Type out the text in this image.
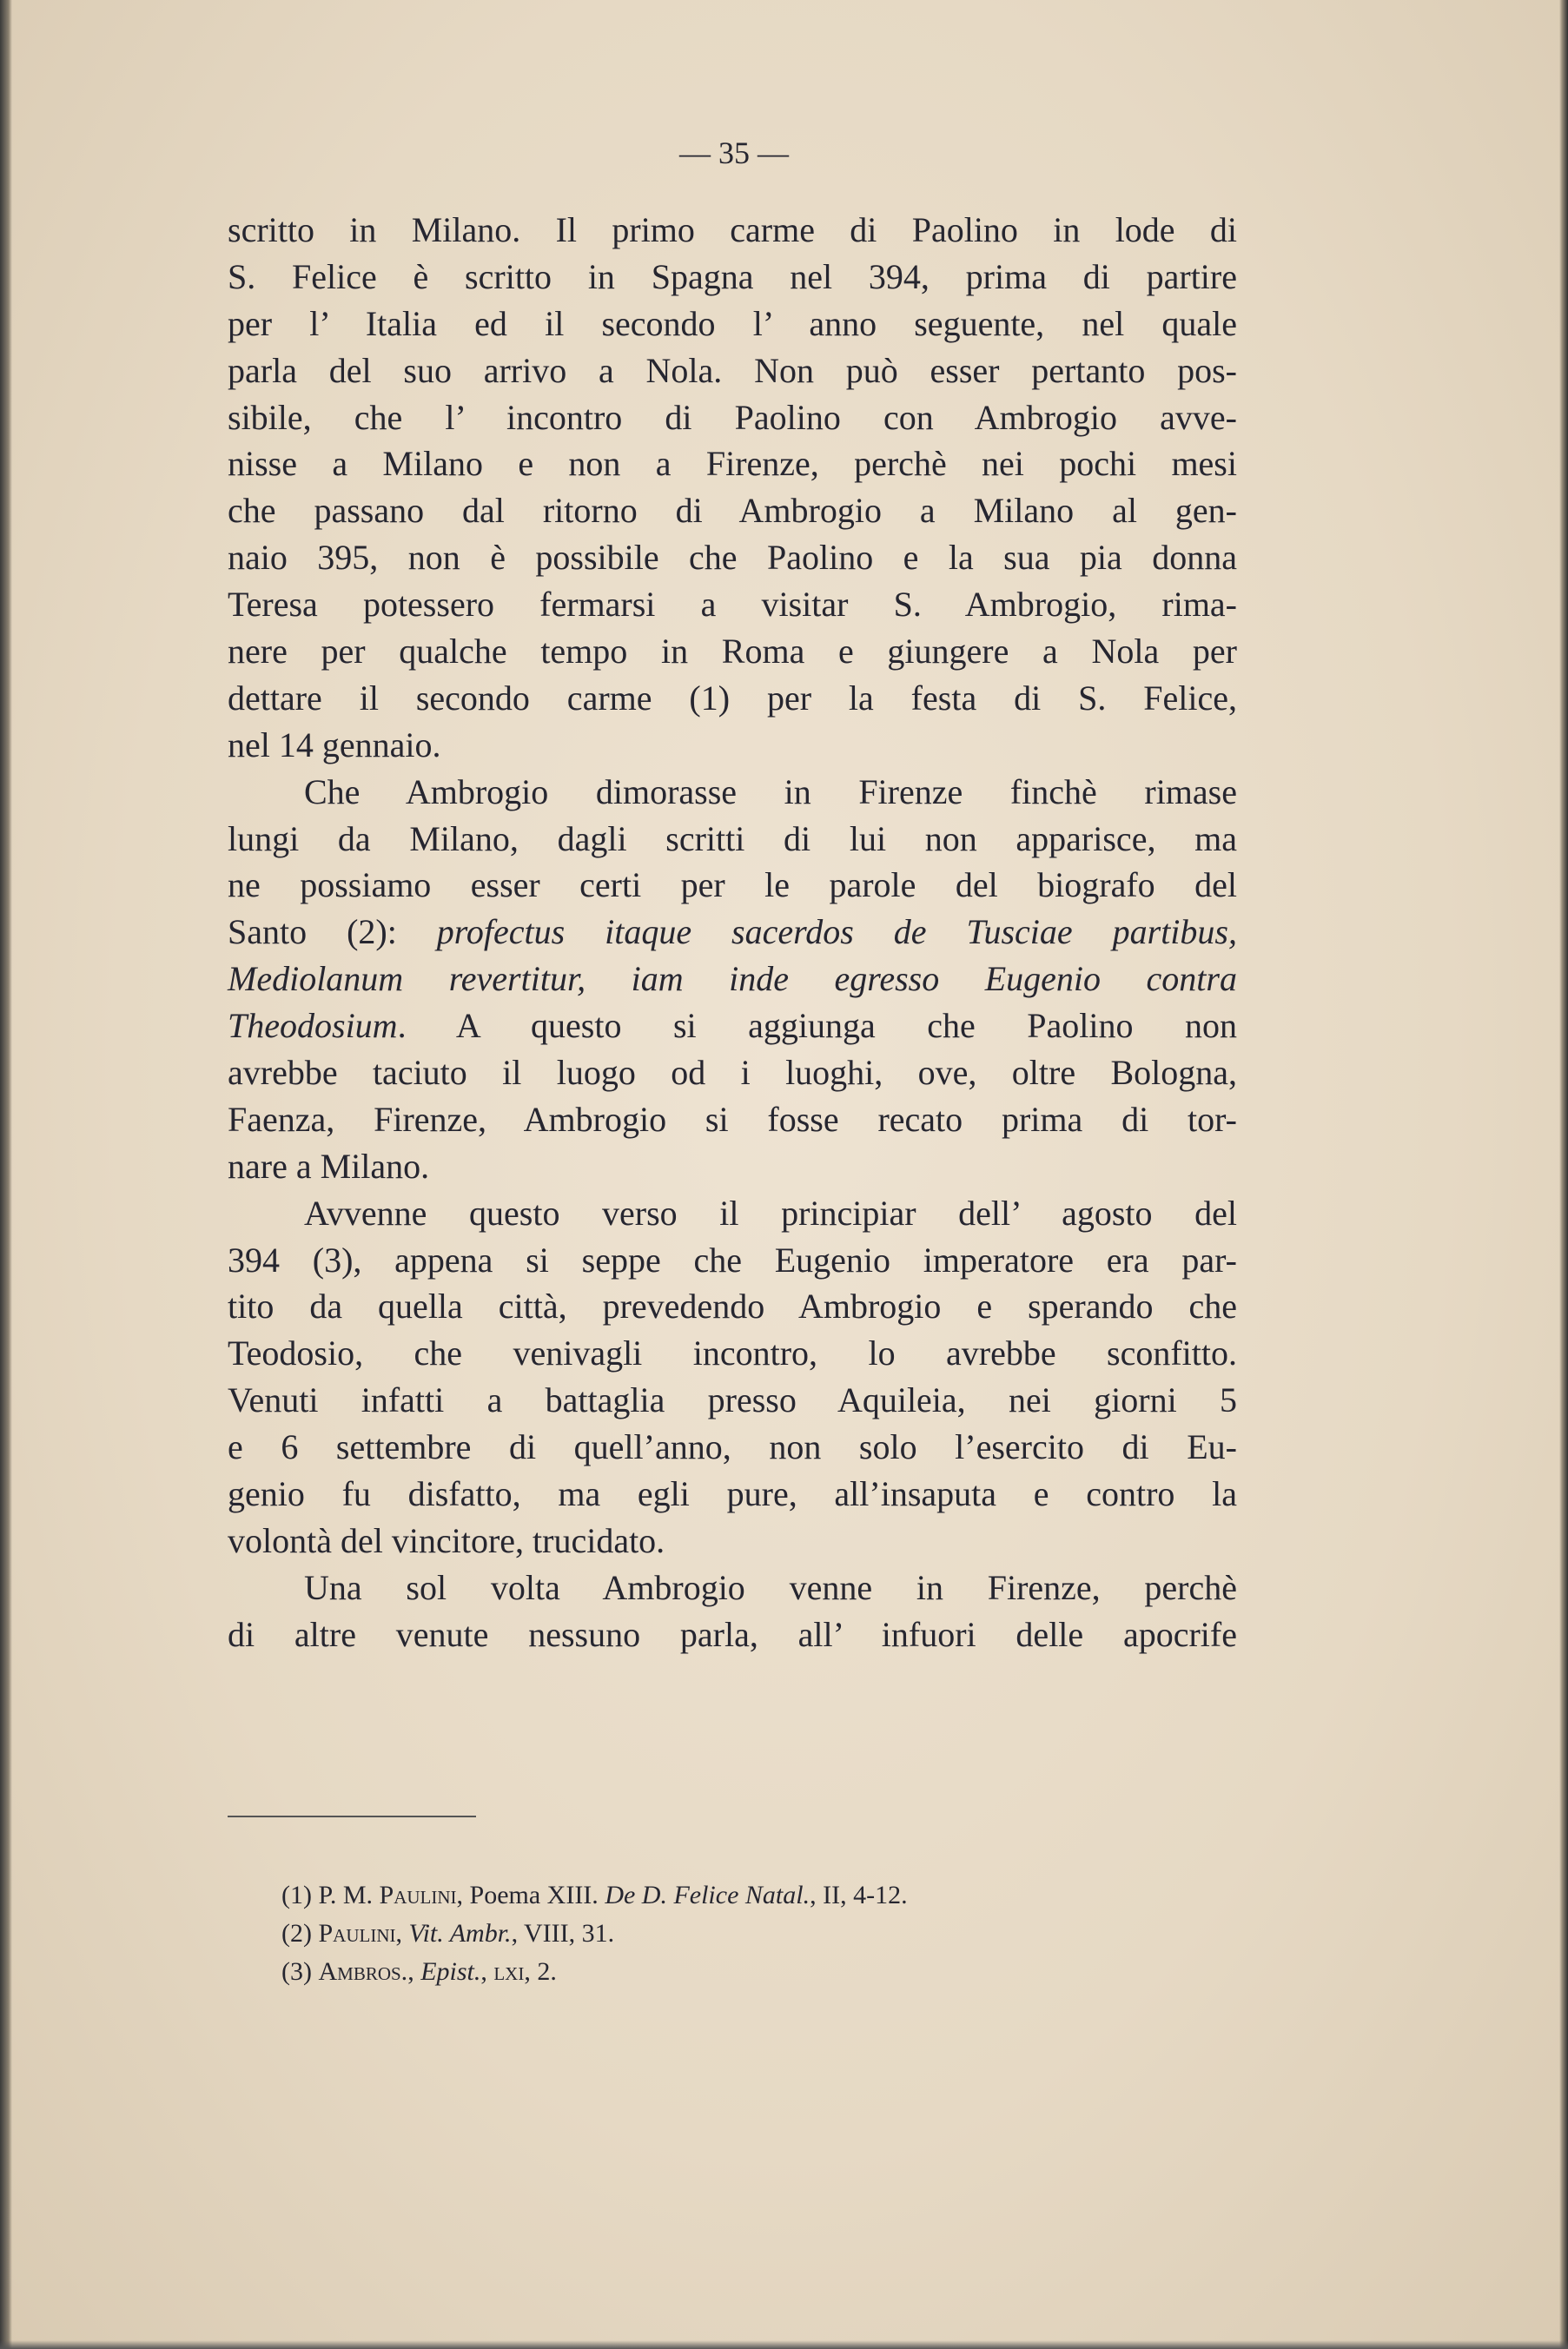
— 35 —
scritto in Milano. Il primo carme di Paolino in lode di
S. Felice è scritto in Spagna nel 394, prima di partire
per l’ Italia ed il secondo l’ anno seguente, nel quale
parla del suo arrivo a Nola. Non può esser pertanto pos-
sibile, che l’ incontro di Paolino con Ambrogio avve-
nisse a Milano e non a Firenze, perchè nei pochi mesi
che passano dal ritorno di Ambrogio a Milano al gen-
naio 395, non è possibile che Paolino e la sua pia donna
Teresa potessero fermarsi a visitar S. Ambrogio, rima-
nere per qualche tempo in Roma e giungere a Nola per
dettare il secondo carme (1) per la festa di S. Felice,
nel 14 gennaio.
Che Ambrogio dimorasse in Firenze finchè rimase
lungi da Milano, dagli scritti di lui non apparisce, ma
ne possiamo esser certi per le parole del biografo del
Santo (2): profectus itaque sacerdos de Tusciae partibus,
Mediolanum revertitur, iam inde egresso Eugenio contra
Theodosium. A questo si aggiunga che Paolino non
avrebbe taciuto il luogo od i luoghi, ove, oltre Bologna,
Faenza, Firenze, Ambrogio si fosse recato prima di tor-
nare a Milano.
Avvenne questo verso il principiar dell’ agosto del
394 (3), appena si seppe che Eugenio imperatore era par-
tito da quella città, prevedendo Ambrogio e sperando che
Teodosio, che venivagli incontro, lo avrebbe sconfitto.
Venuti infatti a battaglia presso Aquileia, nei giorni 5
e 6 settembre di quell’anno, non solo l’esercito di Eu-
genio fu disfatto, ma egli pure, all’insaputa e contro la
volontà del vincitore, trucidato.
Una sol volta Ambrogio venne in Firenze, perchè
di altre venute nessuno parla, all’ infuori delle apocrife
(1) P. M. Paulini, Poema XIII. De D. Felice Natal., II, 4-12.
(2) Paulini, Vit. Ambr., VIII, 31.
(3) Ambros., Epist., lxi, 2.
